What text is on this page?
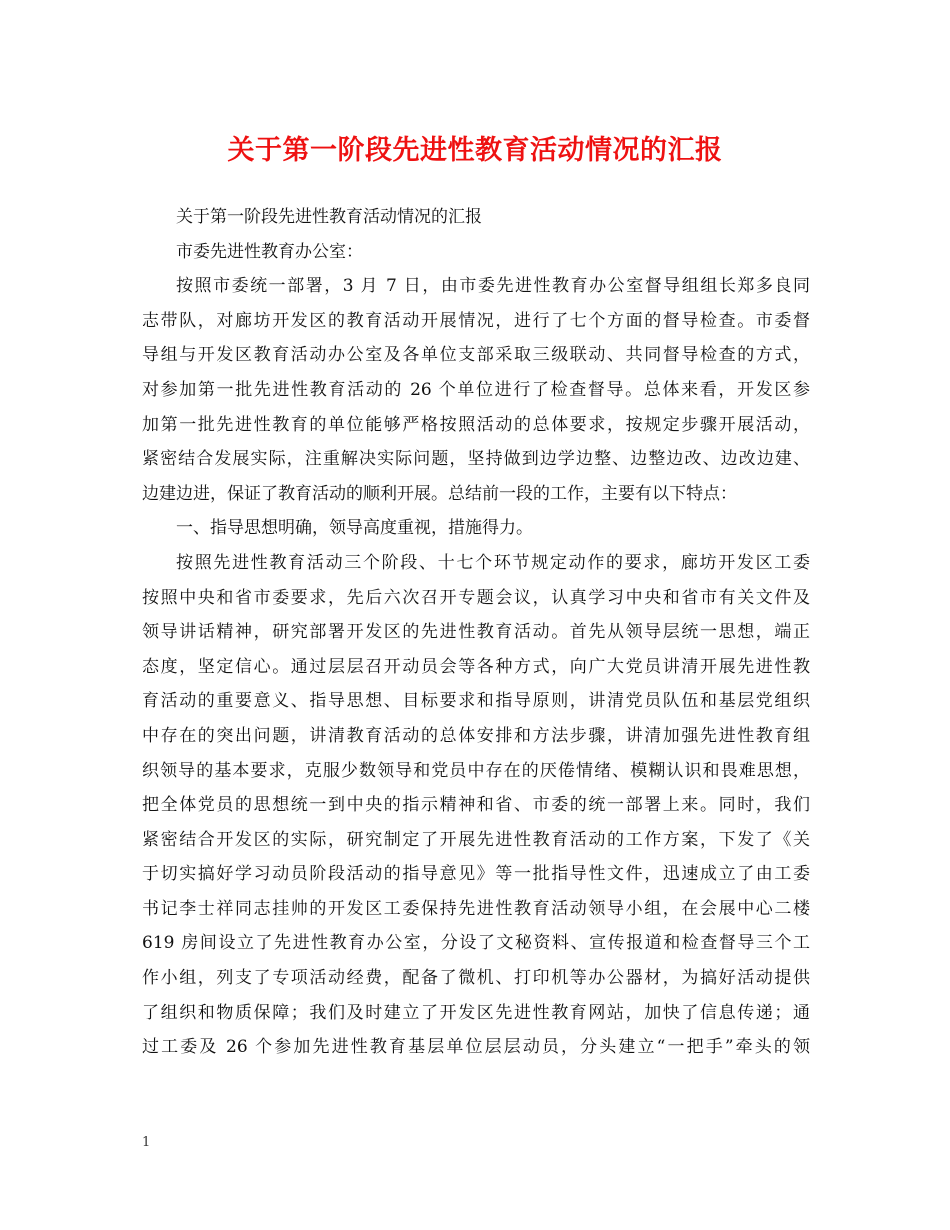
关于第一阶段先进性教育活动情况的汇报
关于第一阶段先进性教育活动情况的汇报
市委先进性教育办公室：
按照市委统一部署，3 月 7 日，由市委先进性教育办公室督导组组长郑多良同
志带队，对廊坊开发区的教育活动开展情况，进行了七个方面的督导检查。市委督
导组与开发区教育活动办公室及各单位支部采取三级联动、共同督导检查的方式，
对参加第一批先进性教育活动的 26 个单位进行了检查督导。总体来看，开发区参
加第一批先进性教育的单位能够严格按照活动的总体要求，按规定步骤开展活动，
紧密结合发展实际，注重解决实际问题，坚持做到边学边整、边整边改、边改边建、
边建边进，保证了教育活动的顺利开展。总结前一段的工作，主要有以下特点：
一、指导思想明确，领导高度重视，措施得力。
按照先进性教育活动三个阶段、十七个环节规定动作的要求，廊坊开发区工委
按照中央和省市委要求，先后六次召开专题会议，认真学习中央和省市有关文件及
领导讲话精神，研究部署开发区的先进性教育活动。首先从领导层统一思想，端正
态度，坚定信心。通过层层召开动员会等各种方式，向广大党员讲清开展先进性教
育活动的重要意义、指导思想、目标要求和指导原则，讲清党员队伍和基层党组织
中存在的突出问题，讲清教育活动的总体安排和方法步骤，讲清加强先进性教育组
织领导的基本要求，克服少数领导和党员中存在的厌倦情绪、模糊认识和畏难思想，
把全体党员的思想统一到中央的指示精神和省、市委的统一部署上来。同时，我们
紧密结合开发区的实际，研究制定了开展先进性教育活动的工作方案，下发了《关
于切实搞好学习动员阶段活动的指导意见》等一批指导性文件，迅速成立了由工委
书记李士祥同志挂帅的开发区工委保持先进性教育活动领导小组，在会展中心二楼
619 房间设立了先进性教育办公室，分设了文秘资料、宣传报道和检查督导三个工
作小组，列支了专项活动经费，配备了微机、打印机等办公器材，为搞好活动提供
了组织和物质保障；我们及时建立了开发区先进性教育网站，加快了信息传递；通
过工委及 26 个参加先进性教育基层单位层层动员，分头建立“一把手”牵头的领
1
